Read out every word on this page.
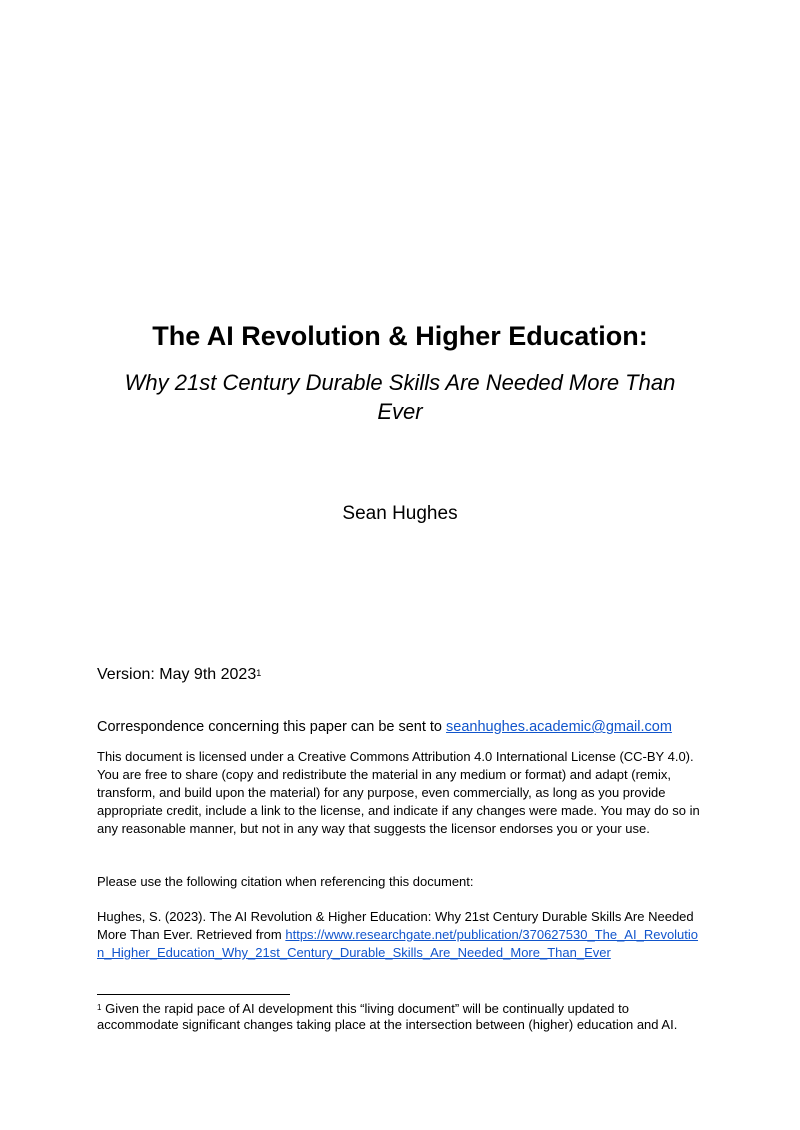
The AI Revolution & Higher Education:
Why 21st Century Durable Skills Are Needed More Than Ever
Sean Hughes
Version: May 9th 2023$^1$
Correspondence concerning this paper can be sent to seanhughes.academic@gmail.com
This document is licensed under a Creative Commons Attribution 4.0 International License (CC-BY 4.0). You are free to share (copy and redistribute the material in any medium or format) and adapt (remix, transform, and build upon the material) for any purpose, even commercially, as long as you provide appropriate credit, include a link to the license, and indicate if any changes were made. You may do so in any reasonable manner, but not in any way that suggests the licensor endorses you or your use.
Please use the following citation when referencing this document:
Hughes, S. (2023). The AI Revolution & Higher Education: Why 21st Century Durable Skills Are Needed More Than Ever. Retrieved from https://www.researchgate.net/publication/370627530_The_AI_Revolution_Higher_Education_Why_21st_Century_Durable_Skills_Are_Needed_More_Than_Ever
$^1$ Given the rapid pace of AI development this “living document” will be continually updated to accommodate significant changes taking place at the intersection between (higher) education and AI.
